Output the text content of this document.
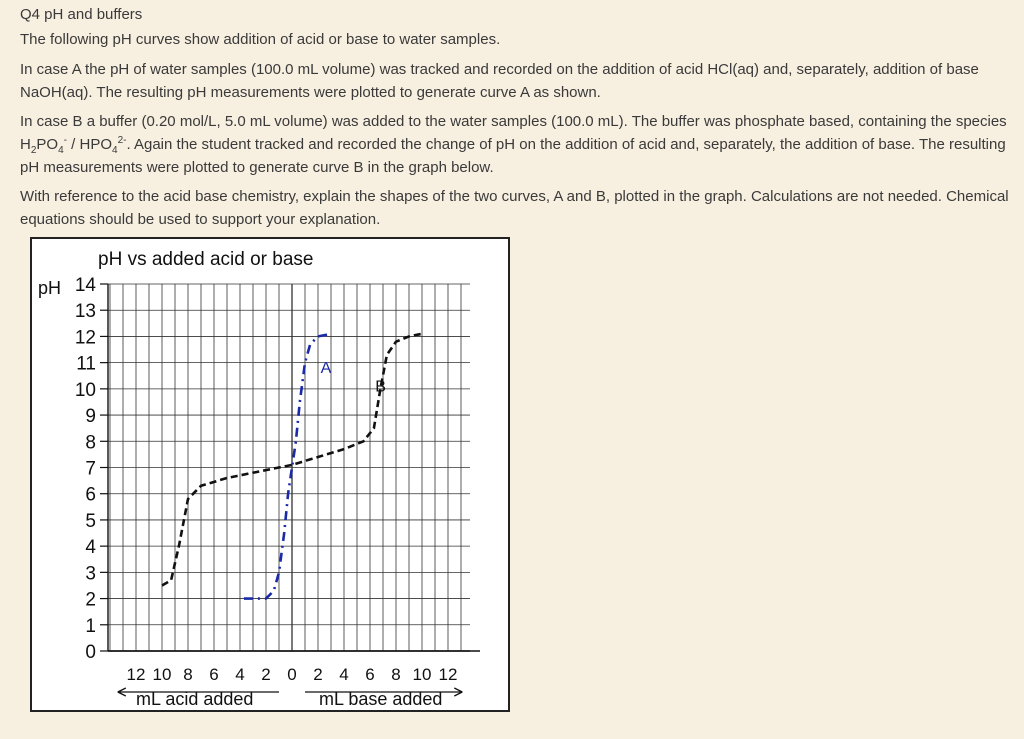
Q4 pH and buffers
The following pH curves show addition of acid or base to water samples.
In case A the pH of water samples (100.0 mL volume) was tracked and recorded on the addition of acid HCl(aq) and, separately, addition of base NaOH(aq). The resulting pH measurements were plotted to generate curve A as shown.
In case B a buffer (0.20 mol/L, 5.0 mL volume) was added to the water samples (100.0 mL). The buffer was phosphate based, containing the species $H_2PO_4^- / HPO_4^{2-}$. Again the student tracked and recorded the change of pH on the addition of acid and, separately, the addition of base. The resulting pH measurements were plotted to generate curve B in the graph below.
With reference to the acid base chemistry, explain the shapes of the two curves, A and B, plotted in the graph. Calculations are not needed. Chemical equations should be used to support your explanation.
pH vs added acid or base
pH
0
1
2
3
4
5
6
7
8
9
10
11
12
13
14
12 10 8 6 4 2 0 2 4 6 8 10 12
A
B
mL acid added	mL base added
